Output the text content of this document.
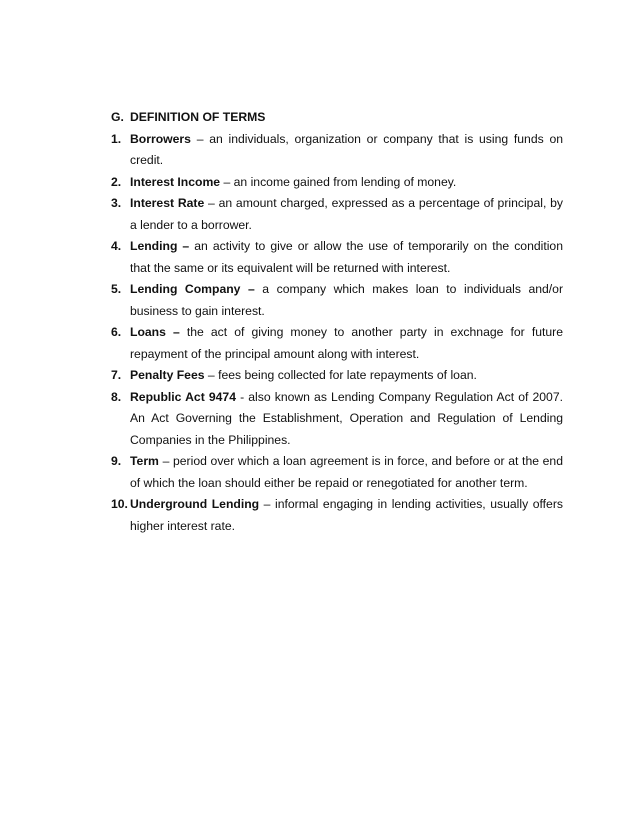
G. DEFINITION OF TERMS
1. Borrowers – an individuals, organization or company that is using funds on credit.
2. Interest Income – an income gained from lending of money.
3. Interest Rate – an amount charged, expressed as a percentage of principal, by a lender to a borrower.
4. Lending – an activity to give or allow the use of temporarily on the condition that the same or its equivalent will be returned with interest.
5. Lending Company – a company which makes loan to individuals and/or business to gain interest.
6. Loans – the act of giving money to another party in exchnage for future repayment of the principal amount along with interest.
7. Penalty Fees – fees being collected for late repayments of loan.
8. Republic Act 9474 - also known as Lending Company Regulation Act of 2007. An Act Governing the Establishment, Operation and Regulation of Lending Companies in the Philippines.
9. Term – period over which a loan agreement is in force, and before or at the end of which the loan should either be repaid or renegotiated for another term.
10. Underground Lending – informal engaging in lending activities, usually offers higher interest rate.
